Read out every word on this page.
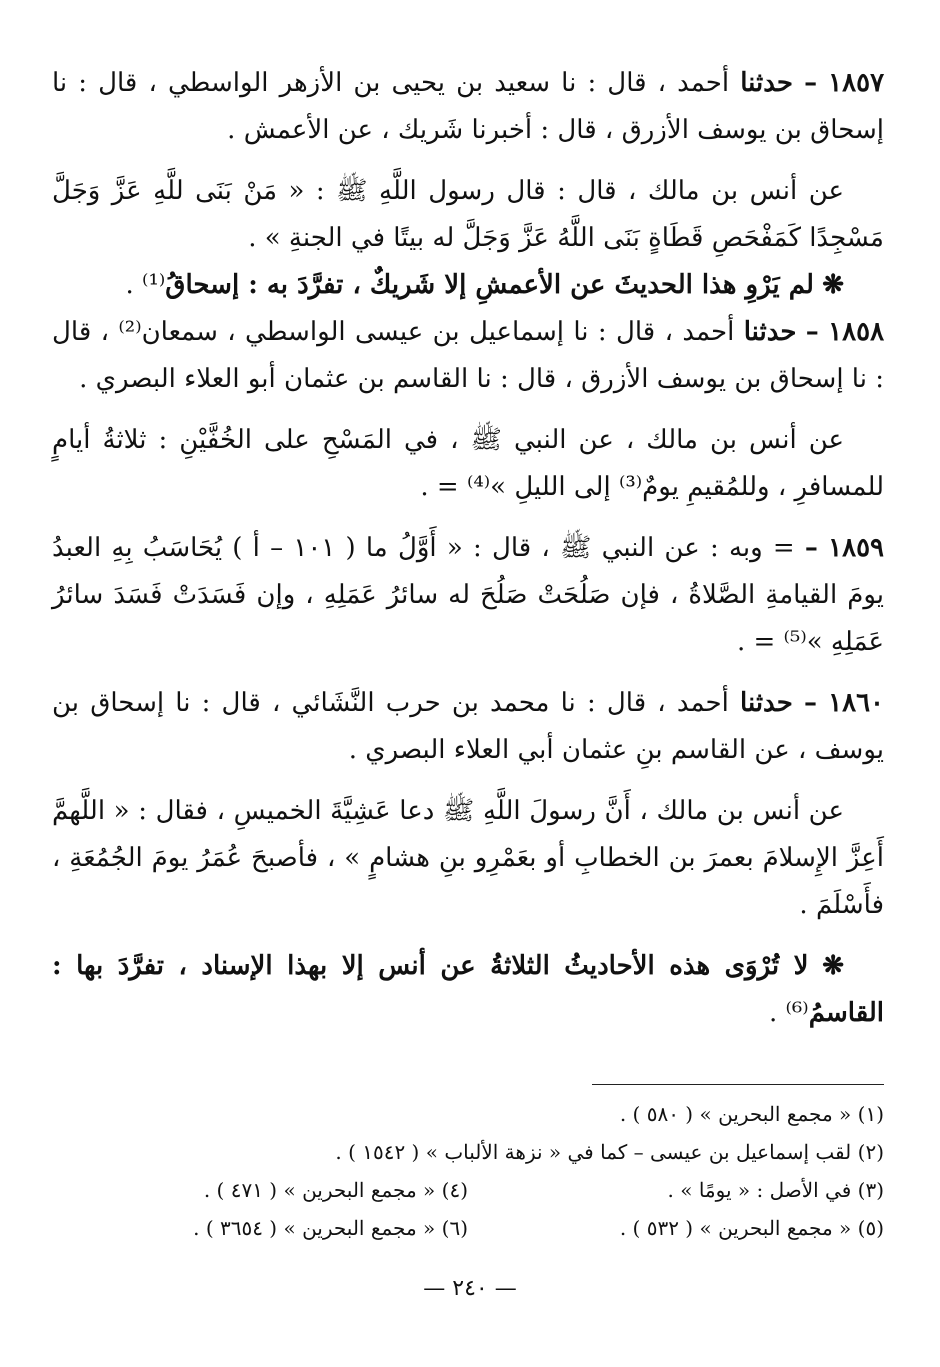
١٨٥٧ – حدثنا أحمد ، قال : نا سعيد بن يحيى بن الأزهر الواسطي ، قال : نا إسحاق بن يوسف الأزرق ، قال : أخبرنا شَريك ، عن الأعمش .

عن أنس بن مالك ، قال : قال رسول اللَّهِ ﷺ : « مَنْ بَنَى للَّهِ عَزَّ وَجَلَّ مَسْجِدًا كَمَفْحَصِ قَطَاةٍ بَنَى اللَّهُ عَزَّ وَجَلَّ له بيتًا في الجنةِ » .

❋ لم يَرْوِ هذا الحديثَ عن الأعمشِ إلا شَريكٌ ، تفرَّدَ به : إسحاقُ⁽¹⁾ .

١٨٥٨ – حدثنا أحمد ، قال : نا إسماعيل بن عيسى الواسطي ، سمعان⁽²⁾ ، قال : نا إسحاق بن يوسف الأزرق ، قال : نا القاسم بن عثمان أبو العلاء البصري .

عن أنس بن مالك ، عن النبي ﷺ ، في المَسْحِ على الخُفَّيْنِ : ثلاثةُ أيامٍ للمسافرِ ، وللمُقيمِ يومٌ⁽³⁾ إلى الليلِ »⁽⁴⁾ = .

١٨٥٩ – = وبه : عن النبي ﷺ ، قال : « أَوَّلُ ما ( ١٠١ – أ ) يُحَاسَبُ بِهِ العبدُ يومَ القيامةِ الصَّلاةُ ، فإن صَلُحَتْ صَلُحَ له سائرُ عَمَلِهِ ، وإن فَسَدَتْ فَسَدَ سائرُ عَمَلِهِ »⁽⁵⁾ = .

١٨٦٠ – حدثنا أحمد ، قال : نا محمد بن حرب النَّشَائي ، قال : نا إسحاق بن يوسف ، عن القاسم بنِ عثمان أبي العلاء البصري .

عن أنس بن مالك ، أَنَّ رسولَ اللَّهِ ﷺ دعا عَشِيَّةَ الخميسِ ، فقال : « اللَّهمَّ أَعِزَّ الإِسلامَ بعمرَ بن الخطابِ أو بعَمْرِو بنِ هشامٍ » ، فأصبحَ عُمَرُ يومَ الجُمُعَةِ ، فأَسْلَمَ .

❋ لا تُرْوَى هذه الأحاديثُ الثلاثةُ عن أنس إلا بهذا الإسناد ، تفرَّدَ بها : القاسمُ⁽⁶⁾ .

(١) « مجمع البحرين » ( ٥٨٠ ) .
(٢) لقب إسماعيل بن عيسى – كما في « نزهة الألباب » ( ١٥٤٢ ) .
(٣) في الأصل : « يومًا » .
(٤) « مجمع البحرين » ( ٤٧١ ) .
(٥) « مجمع البحرين » ( ٥٣٢ ) .
(٦) « مجمع البحرين » ( ٣٦٥٤ ) .
— ٢٤٠ —
